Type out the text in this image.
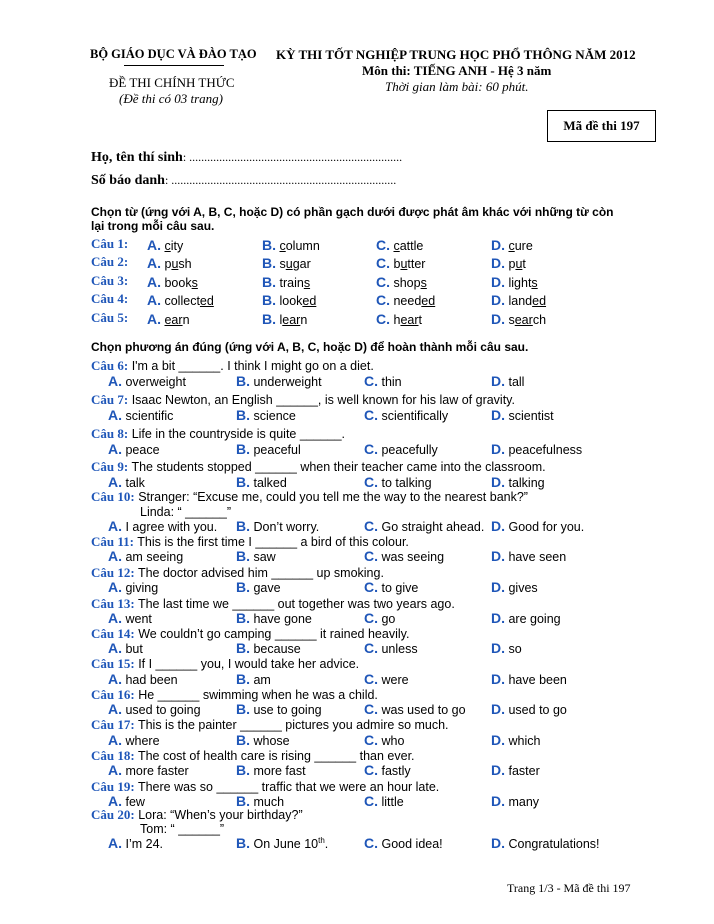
BỘ GIÁO DỤC VÀ ĐÀO TẠO
ĐỀ THI CHÍNH THỨC
(Đề thi có 03 trang)
KỲ THI TỐT NGHIỆP TRUNG HỌC PHỔ THÔNG NĂM 2012
Môn thi: TIẾNG ANH - Hệ 3 năm
Thời gian làm bài: 60 phút.
Mã đề thi 197
Họ, tên thí sinh: .......................................................................
Số báo danh: ...........................................................................
Chọn từ (ứng với A, B, C, hoặc D) có phần gạch dưới được phát âm khác với những từ còn
lại trong mỗi câu sau.
Câu 1: A. city	B. column	C. cattle	D. cure
Câu 2: A. push	B. sugar	C. butter	D. put
Câu 3: A. books	B. trains	C. shops	D. lights
Câu 4: A. collected	B. looked	C. needed	D. landed
Câu 5: A. earn	B. learn	C. heart	D. search
Chọn phương án đúng (ứng với A, B, C, hoặc D) để hoàn thành mỗi câu sau.
Câu 6: I'm a bit ______. I think I might go on a diet.
A. overweight	B. underweight	C. thin	D. tall
Câu 7: Isaac Newton, an English ______, is well known for his law of gravity.
A. scientific	B. science	C. scientifically	D. scientist
Câu 8: Life in the countryside is quite ______.
A. peace	B. peaceful	C. peacefully	D. peacefulness
Câu 9: The students stopped ______ when their teacher came into the classroom.
A. talk	B. talked	C. to talking	D. talking
Câu 10: Stranger: “Excuse me, could you tell me the way to the nearest bank?”
Linda: “ ______”
A. I agree with you. B. Don’t worry.	C. Go straight ahead. D. Good for you.
Câu 11: This is the first time I ______ a bird of this colour.
A. am seeing	B. saw	C. was seeing	D. have seen
Câu 12: The doctor advised him ______ up smoking.
A. giving	B. gave	C. to give	D. gives
Câu 13: The last time we ______ out together was two years ago.
A. went	B. have gone	C. go	D. are going
Câu 14: We couldn’t go camping ______ it rained heavily.
A. but	B. because	C. unless	D. so
Câu 15: If I ______ you, I would take her advice.
A. had been	B. am	C. were	D. have been
Câu 16: He ______ swimming when he was a child.
A. used to going	B. use to going	C. was used to go D. used to go
Câu 17: This is the painter ______ pictures you admire so much.
A. where	B. whose	C. who	D. which
Câu 18: The cost of health care is rising ______ than ever.
A. more faster	B. more fast	C. fastly	D. faster
Câu 19: There was so ______ traffic that we were an hour late.
A. few	B. much	C. little	D. many
Câu 20: Lora: “When’s your birthday?”
Tom: “ ______”
A. I’m 24.	B. On June 10th.	C. Good idea!	D. Congratulations!
Trang 1/3 - Mã đề thi 197
